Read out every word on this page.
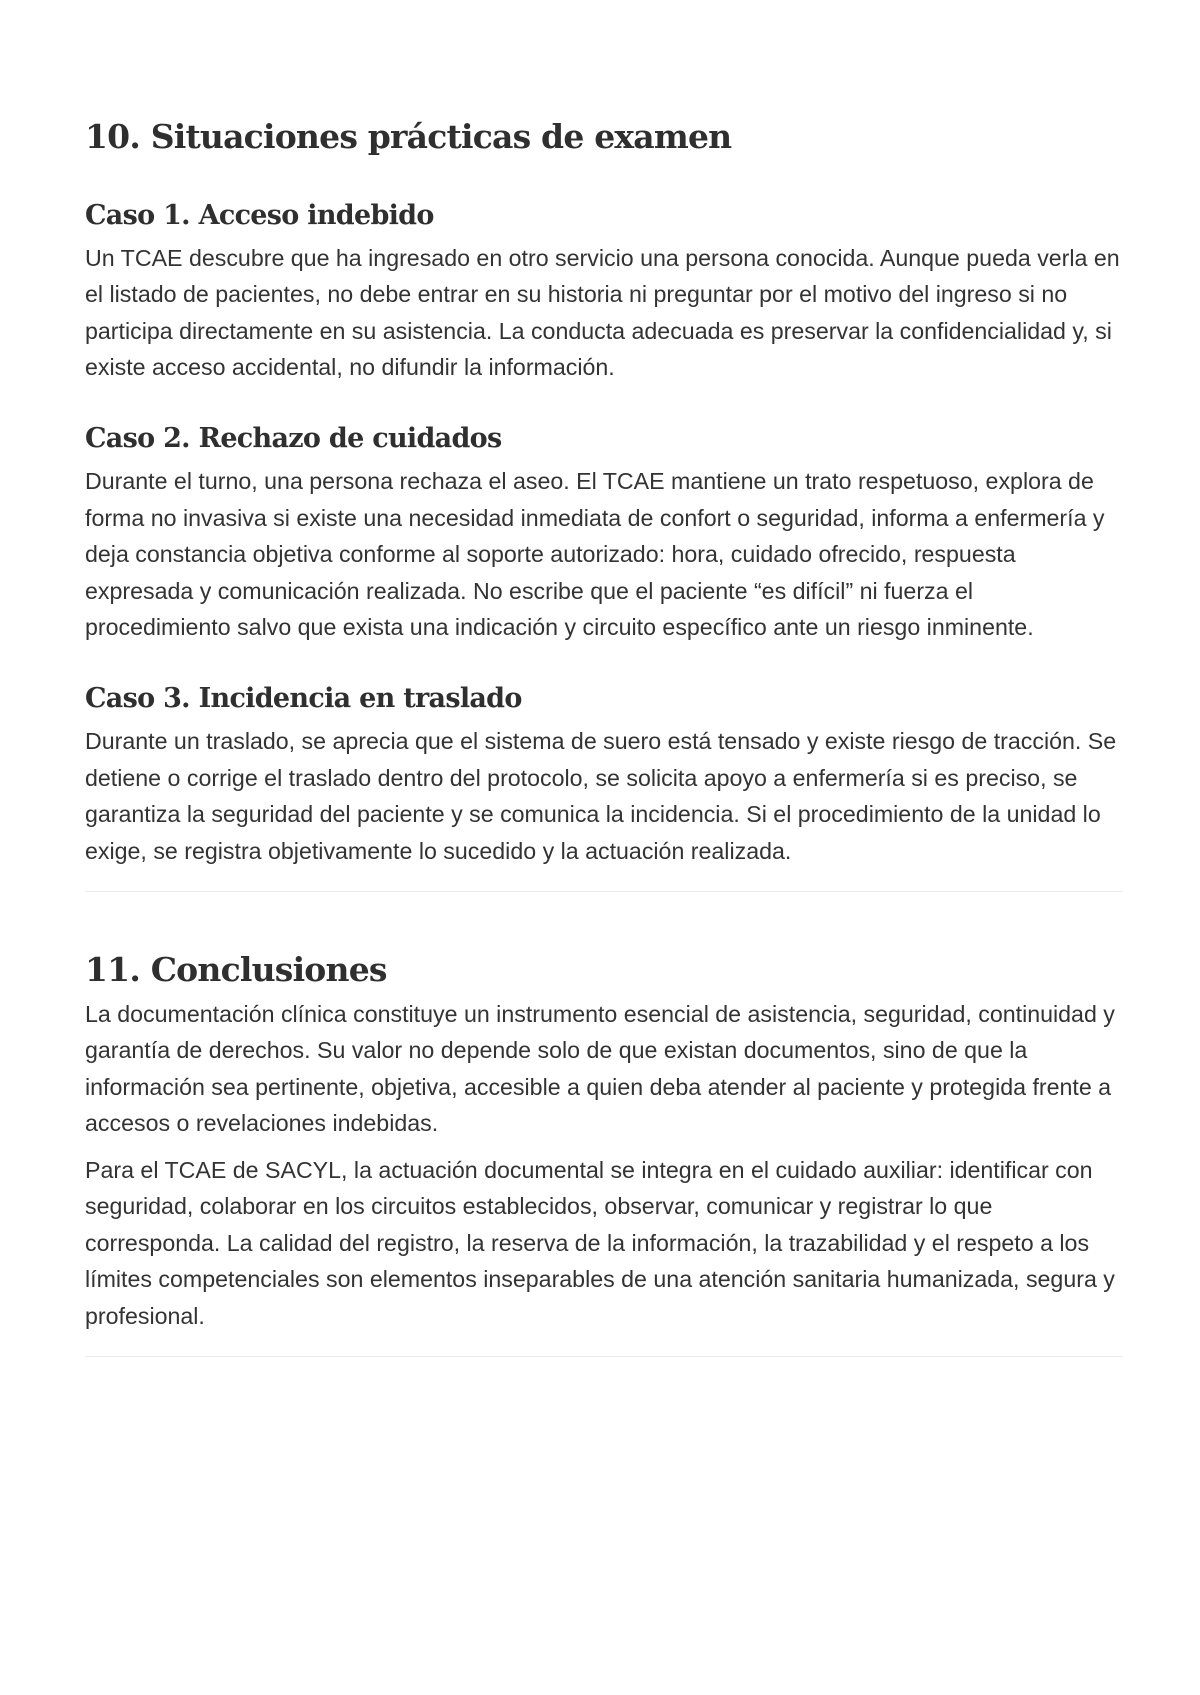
10. Situaciones prácticas de examen
Caso 1. Acceso indebido

Un TCAE descubre que ha ingresado en otro servicio una persona conocida. Aunque pueda verla en el listado de pacientes, no debe entrar en su historia ni preguntar por el motivo del ingreso si no participa directamente en su asistencia. La conducta adecuada es preservar la confidencialidad y, si existe acceso accidental, no difundir la información.

Caso 2. Rechazo de cuidados

Durante el turno, una persona rechaza el aseo. El TCAE mantiene un trato respetuoso, explora de forma no invasiva si existe una necesidad inmediata de confort o seguridad, informa a enfermería y deja constancia objetiva conforme al soporte autorizado: hora, cuidado ofrecido, respuesta expresada y comunicación realizada. No escribe que el paciente “es difícil” ni fuerza el procedimiento salvo que exista una indicación y circuito específico ante un riesgo inminente.

Caso 3. Incidencia en traslado

Durante un traslado, se aprecia que el sistema de suero está tensado y existe riesgo de tracción. Se detiene o corrige el traslado dentro del protocolo, se solicita apoyo a enfermería si es preciso, se garantiza la seguridad del paciente y se comunica la incidencia. Si el procedimiento de la unidad lo exige, se registra objetivamente lo sucedido y la actuación realizada.

11. Conclusiones

La documentación clínica constituye un instrumento esencial de asistencia, seguridad, continuidad y garantía de derechos. Su valor no depende solo de que existan documentos, sino de que la información sea pertinente, objetiva, accesible a quien deba atender al paciente y protegida frente a accesos o revelaciones indebidas.

Para el TCAE de SACYL, la actuación documental se integra en el cuidado auxiliar: identificar con seguridad, colaborar en los circuitos establecidos, observar, comunicar y registrar lo que corresponda. La calidad del registro, la reserva de la información, la trazabilidad y el respeto a los límites competenciales son elementos inseparables de una atención sanitaria humanizada, segura y profesional.
